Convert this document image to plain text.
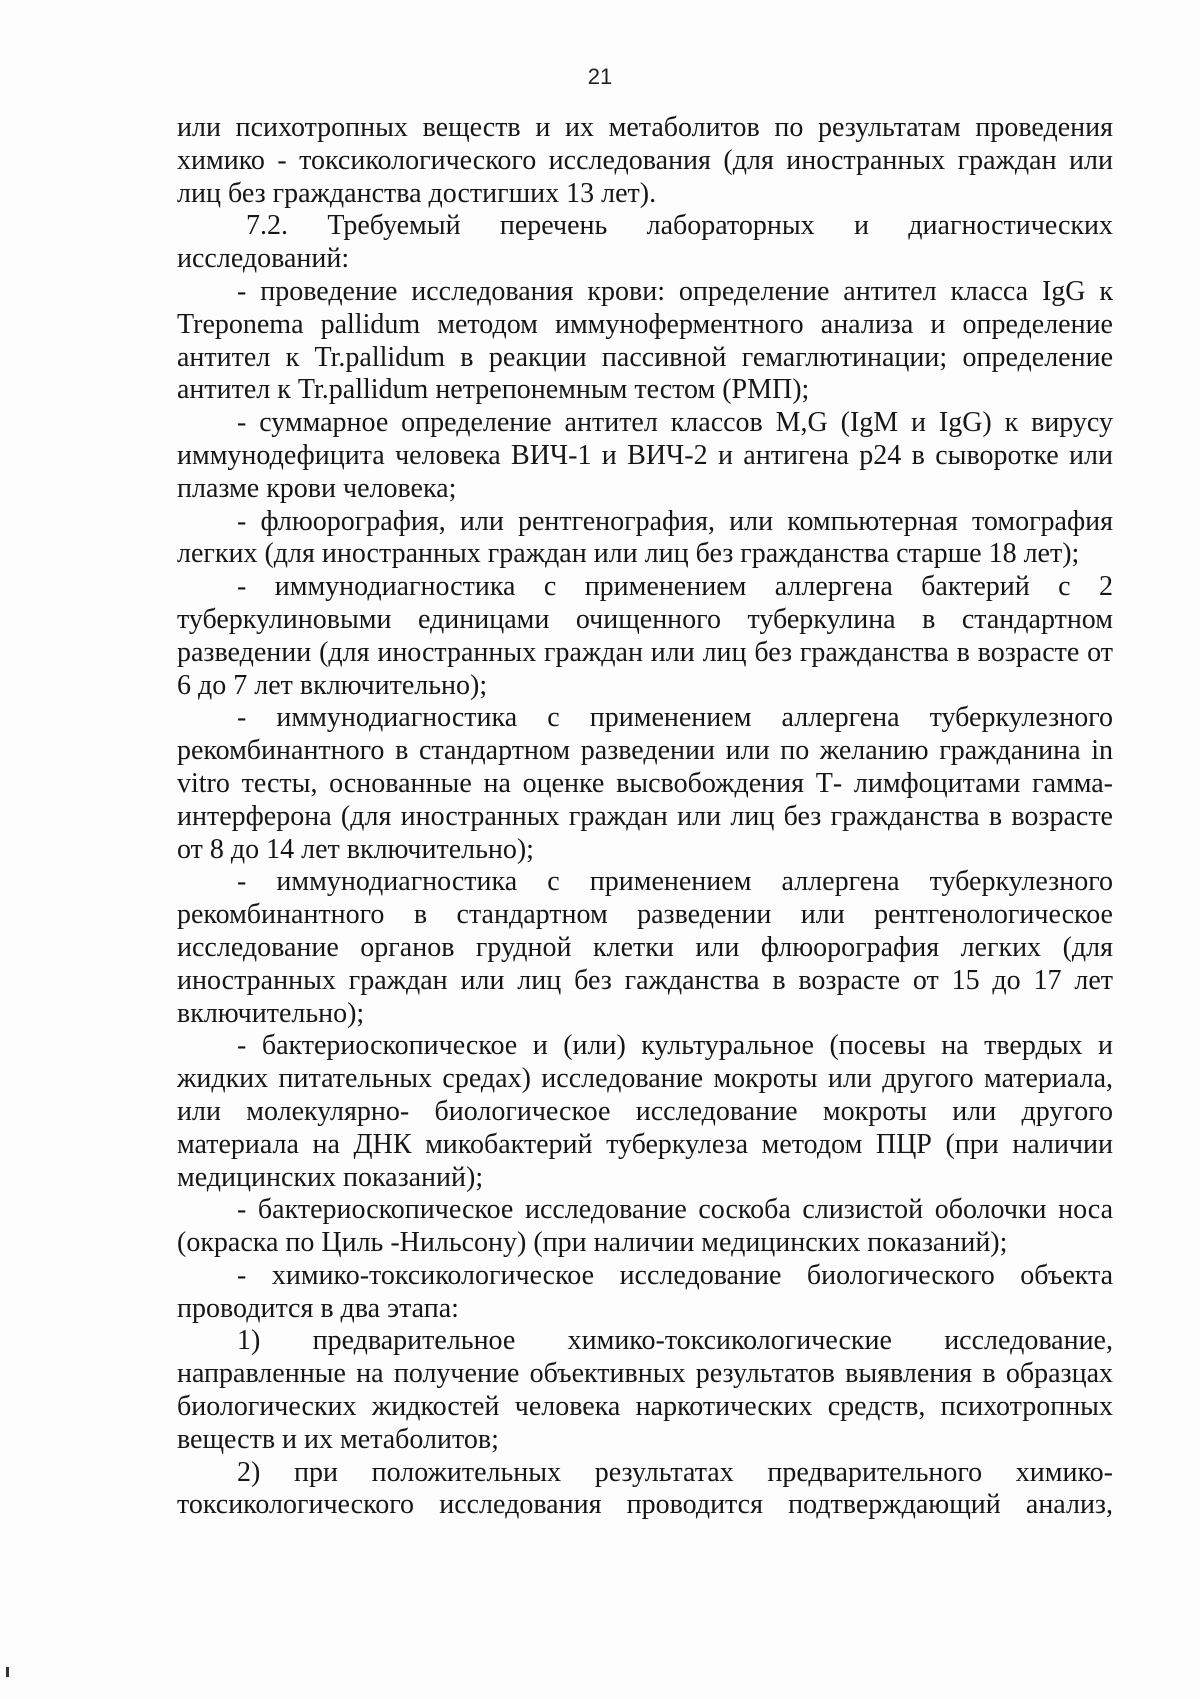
21

или психотропных веществ и их метаболитов по результатам проведения химико - токсикологического исследования (для иностранных граждан или лиц без гражданства достигших 13 лет).

7.2. Требуемый перечень лабораторных и диагностических исследований:

- проведение исследования крови: определение антител класса IgG к Treponema pallidum методом иммуноферментного анализа и определение антител к Tr.pallidum в реакции пассивной гемаглютинации; определение антител к Tr.pallidum нетрепонемным тестом (РМП);

- суммарное определение антител классов M,G (IgM и IgG) к вирусу иммунодефицита человека ВИЧ-1 и ВИЧ-2 и антигена p24 в сыворотке или плазме крови человека;

- флюорография, или рентгенография, или компьютерная томография легких (для иностранных граждан или лиц без гражданства старше 18 лет);

- иммунодиагностика с применением аллергена бактерий с 2 туберкулиновыми единицами очищенного туберкулина в стандартном разведении (для иностранных граждан или лиц без гражданства в возрасте от 6 до 7 лет включительно);

- иммунодиагностика с применением аллергена туберкулезного рекомбинантного в стандартном разведении или по желанию гражданина in vitro тесты, основанные на оценке высвобождения Т- лимфоцитами гамма-интерферона (для иностранных граждан или лиц без гражданства в возрасте от 8 до 14 лет включительно);

- иммунодиагностика с применением аллергена туберкулезного рекомбинантного в стандартном разведении или рентгенологическое исследование органов грудной клетки или флюорография легких (для иностранных граждан или лиц без гажданства в возрасте от 15 до 17 лет включительно);

- бактериоскопическое и (или) культуральное (посевы на твердых и жидких питательных средах) исследование мокроты или другого материала, или молекулярно- биологическое исследование мокроты или другого материала на ДНК микобактерий туберкулеза методом ПЦР (при наличии медицинских показаний);

- бактериоскопическое исследование соскоба слизистой оболочки носа (окраска по Циль -Нильсону) (при наличии медицинских показаний);

- химико-токсикологическое исследование биологического объекта проводится в два этапа:

1) предварительное химико-токсикологические исследование, направленные на получение объективных результатов выявления в образцах биологических жидкостей человека наркотических средств, психотропных веществ и их метаболитов;

2) при положительных результатах предварительного химико-токсикологического исследования проводится подтверждающий анализ,
